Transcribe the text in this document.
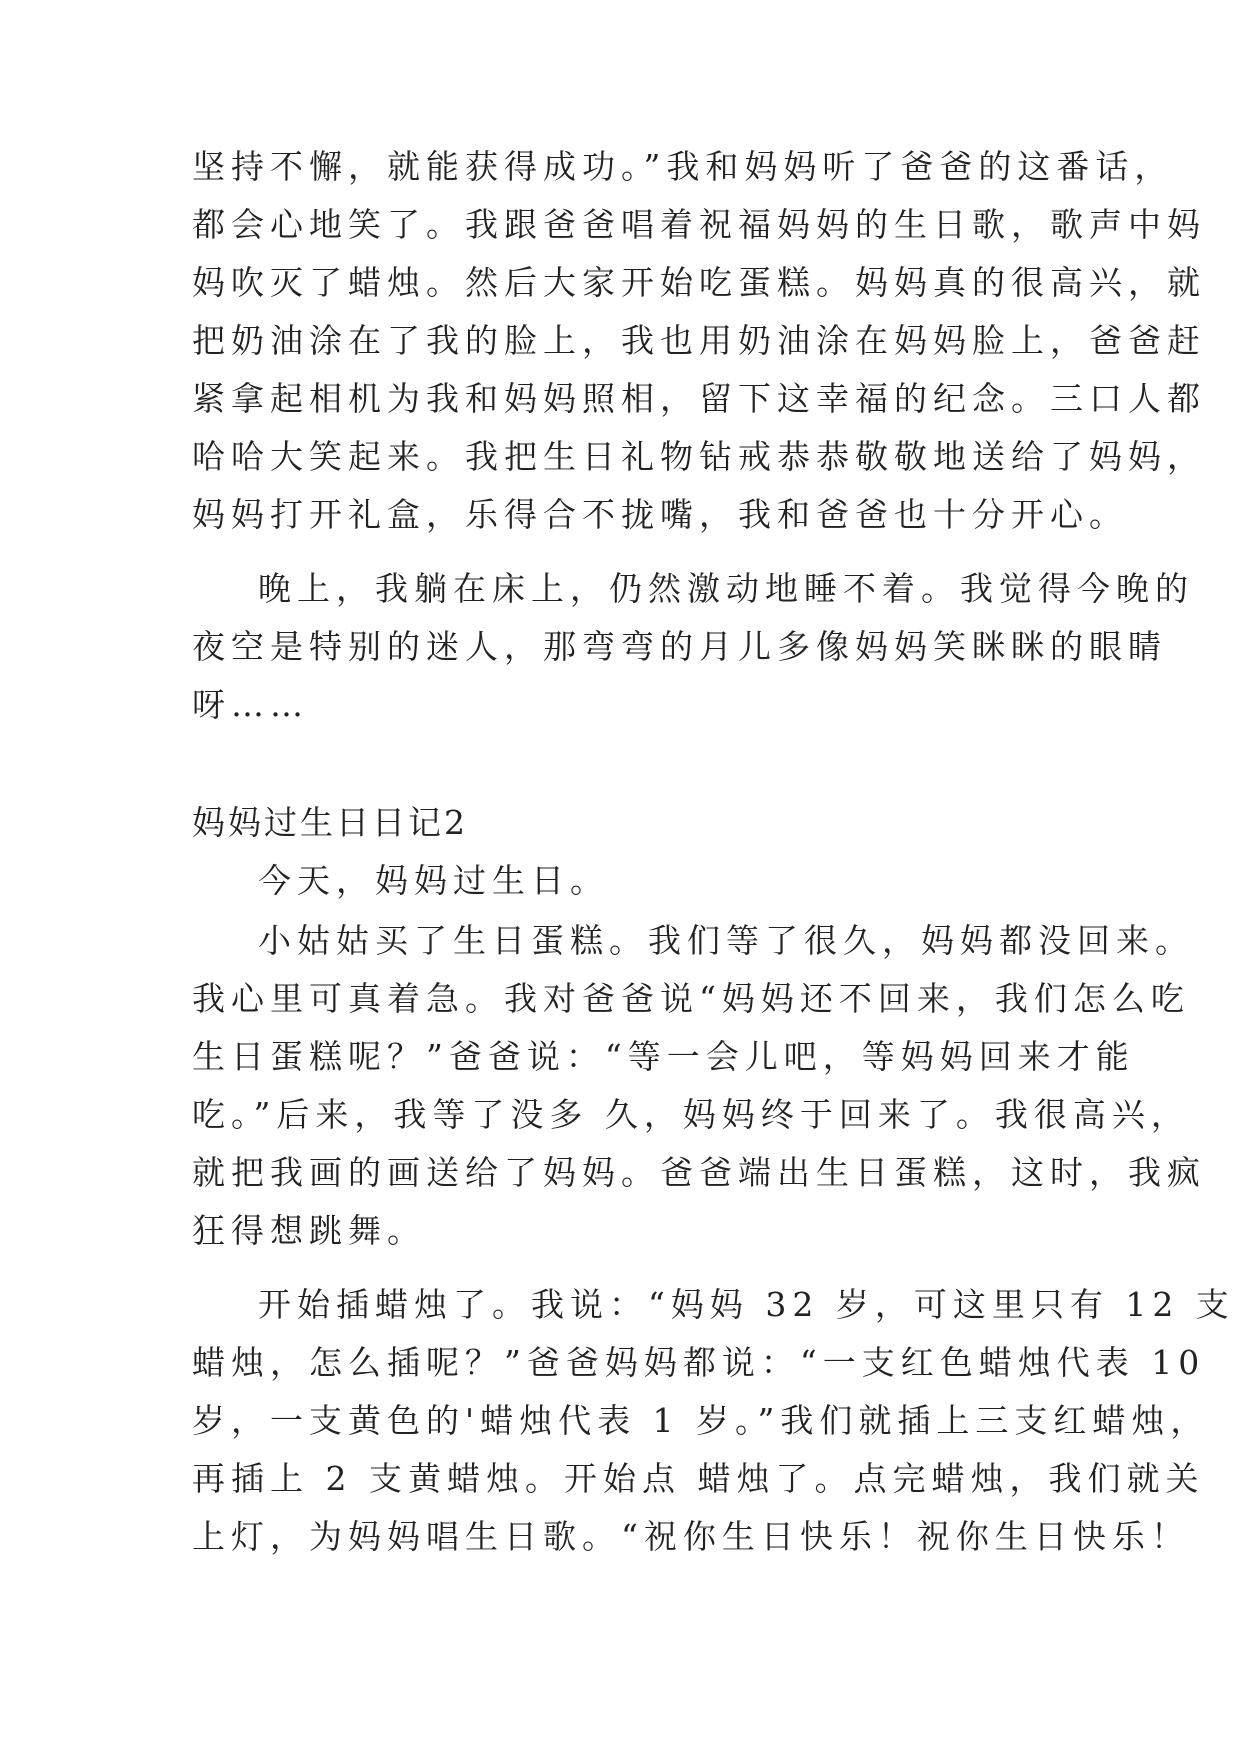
坚持不懈，就能获得成功。”我和妈妈听了爸爸的这番话，
都会心地笑了。我跟爸爸唱着祝福妈妈的生日歌，歌声中妈
妈吹灭了蜡烛。然后大家开始吃蛋糕。妈妈真的很高兴，就
把奶油涂在了我的脸上，我也用奶油涂在妈妈脸上，爸爸赶
紧拿起相机为我和妈妈照相，留下这幸福的纪念。三口人都
哈哈大笑起来。我把生日礼物钻戒恭恭敬敬地送给了妈妈，
妈妈打开礼盒，乐得合不拢嘴，我和爸爸也十分开心。
晚上，我躺在床上，仍然激动地睡不着。我觉得今晚的
夜空是特别的迷人，那弯弯的月儿多像妈妈笑眯眯的眼睛
呀……
妈妈过生日日记2
今天，妈妈过生日。
小姑姑买了生日蛋糕。我们等了很久，妈妈都没回来。
我心里可真着急。我对爸爸说“妈妈还不回来，我们怎么吃
生日蛋糕呢？”爸爸说：“等一会儿吧，等妈妈回来才能
吃。”后来，我等了没多 久，妈妈终于回来了。我很高兴，
就把我画的画送给了妈妈。爸爸端出生日蛋糕，这时，我疯
狂得想跳舞。
开始插蜡烛了。我说：“妈妈 32 岁，可这里只有 12 支
蜡烛，怎么插呢？”爸爸妈妈都说：“一支红色蜡烛代表 10
岁，一支黄色的'蜡烛代表 1 岁。”我们就插上三支红蜡烛，
再插上 2 支黄蜡烛。开始点 蜡烛了。点完蜡烛，我们就关
上灯，为妈妈唱生日歌。“祝你生日快乐！祝你生日快乐！
